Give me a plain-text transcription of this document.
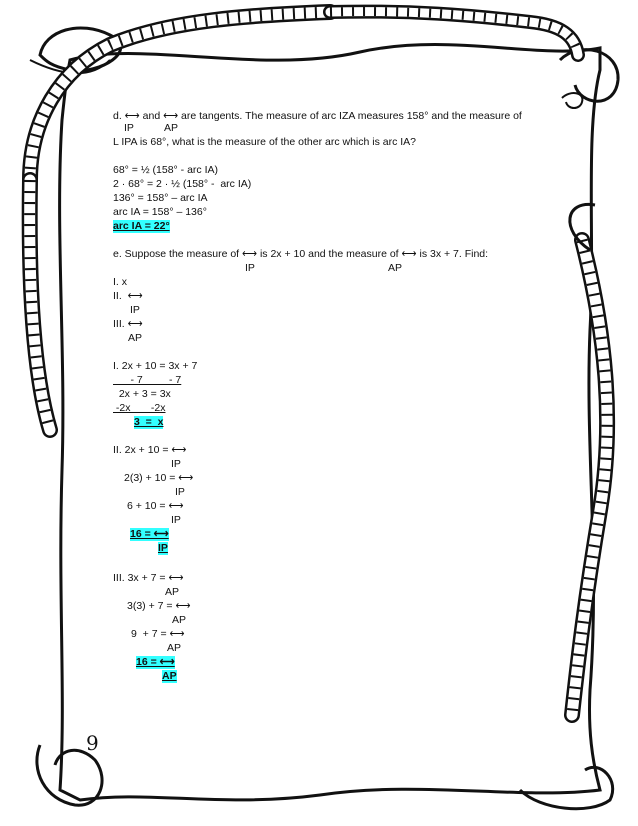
d. ⟷ and ⟷ are tangents. The measure of arc IZA measures 158° and the measure of
IP	AP
L IPA is 68°, what is the measure of the other arc which is arc IA?
68° = ½ (158° - arc IA)
2 · 68° = 2 · ½ (158° -  arc IA)
136° = 158° – arc IA
arc IA = 158° – 136°
arc IA = 22°
e. Suppose the measure of ⟷ is 2x + 10 and the measure of ⟷ is 3x + 7. Find:
IP	AP
I. x
II.  ⟷
IP
III. ⟷
AP
I. 2x + 10 = 3x + 7
- 7         - 7
2x + 3 = 3x
-2x       -2x
3  =  x
II. 2x + 10 = ⟷
IP
2(3) + 10 = ⟷
IP
6 + 10 = ⟷
IP
16 = ⟷
IP
III. 3x + 7 = ⟷
AP
3(3) + 7 = ⟷
AP
9  + 7 = ⟷
AP
16 = ⟷
AP
9
